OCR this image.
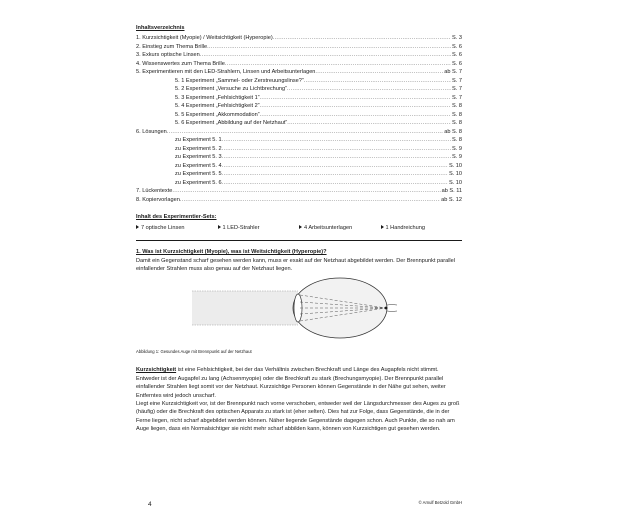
Inhaltsverzeichnis
1. Kurzsichtigkeit (Myopie) / Weitsichtigkeit (Hyperopie) .....	S. 3
2. Einstieg zum Thema Brille .....	S. 6
3. Exkurs optische Linsen .....	S. 6
4. Wissenswertes zum Thema Brille .....	S. 6
5. Experimentieren mit den LED-Strahlern, Linsen und Arbeitsunterlagen .....	ab S. 7
5. 1 Experiment „Sammel- oder Zerstreuungslinse?“ .....	S. 7
5. 2 Experiment „Versuche zu Lichtbrechung“ .....	S. 7
5. 3 Experiment „Fehlsichtigkeit 1“ .....	S. 7
5. 4 Experiment „Fehlsichtigkeit 2“ .....	S. 8
5. 5 Experiment „Akkommodation“ .....	S. 8
5. 6 Experiment „Abbildung auf der Netzhaut“ .....	S. 8
6. Lösungen .....	ab S. 8
zu Experiment 5. 1 .....	S. 8
zu Experiment 5. 2 .....	S. 9
zu Experiment 5. 3 .....	S. 9
zu Experiment 5. 4 .....	S. 10
zu Experiment 5. 5 .....	S. 10
zu Experiment 5. 6 .....	S. 10
7. Lückentexte .....	ab S. 11
8. Kopiervorlagen .....	ab S. 12
Inhalt des Experimentier-Sets:
7 optische Linsen	1 LED-Strahler	4 Arbeitsunterlagen	1 Handreichung
1. Was ist Kurzsichtigkeit (Myopie), was ist Weitsichtigkeit (Hyperopie)?

Damit ein Gegenstand scharf gesehen werden kann, muss er exakt auf der Netzhaut abgebildet werden. Der Brennpunkt parallel einfallender Strahlen muss also genau auf der Netzhaut liegen.

Abbildung 1: Gesundes Auge mit Brennpunkt auf der Netzhaut

Kurzsichtigkeit ist eine Fehlsichtigkeit, bei der das Verhältnis zwischen Brechkraft und Länge des Augapfels nicht stimmt. Entweder ist der Augapfel zu lang (Achsenmyopie) oder die Brechkraft zu stark (Brechungsmyopie). Der Brennpunkt parallel einfallender Strahlen liegt somit vor der Netzhaut. Kurzsichtige Personen können Gegenstände in der Nähe gut sehen, weiter Entferntes wird jedoch unscharf.

Liegt eine Kurzsichtigkeit vor, ist der Brennpunkt nach vorne verschoben, entweder weil der Längsdurchmesser des Auges zu groß (häufig) oder die Brechkraft des optischen Apparats zu stark ist (eher selten). Dies hat zur Folge, dass Gegenstände, die in der Ferne liegen, nicht scharf abgebildet werden können. Näher liegende Gegenstände dagegen schon. Auch Punkte, die so nah am Auge liegen, dass ein Normalsichtiger sie nicht mehr scharf abbilden kann, können von Kurzsichtigen gut gesehen werden.

4	© Arnulf Betzold GmbH
